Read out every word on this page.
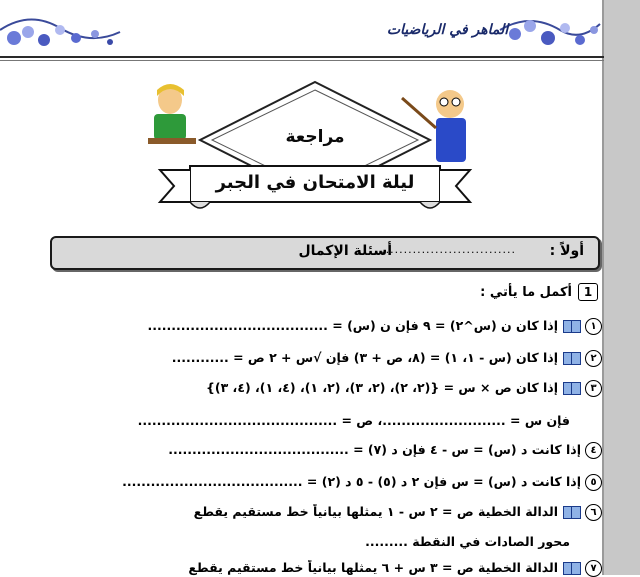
الماهر في الرياضيات
مراجعة
ليلة الامتحان في الجبر
أولاً :
..............................
أسئلة الإكمال
1أكمل ما يأتي :
١إذا كان ن (س^٢) = ٩ فإن ن (س) = ......................................
٢إذا كان (س - ١، ١) = (٨، ص + ٣) فإن √س + ٢ ص = ............
٣إذا كان ص × س = {(٢، ٢)، (٢، ٣)، (٢، ١)، (٤، ١)، (٤، ٣)}
فإن س = ..........................، ص = ..........................................
٤إذا كانت د (س) = س - ٤ فإن د (٧) = ......................................
٥إذا كانت د (س) = س فإن ٢ د (٥) - ٥ د (٢) = ......................................
٦الدالة الخطية ص = ٢ س - ١ يمثلها بيانياً خط مستقيم يقطع
محور الصادات في النقطة .........
٧الدالة الخطية ص = ٣ س + ٦ يمثلها بيانياً خط مستقيم يقطع
